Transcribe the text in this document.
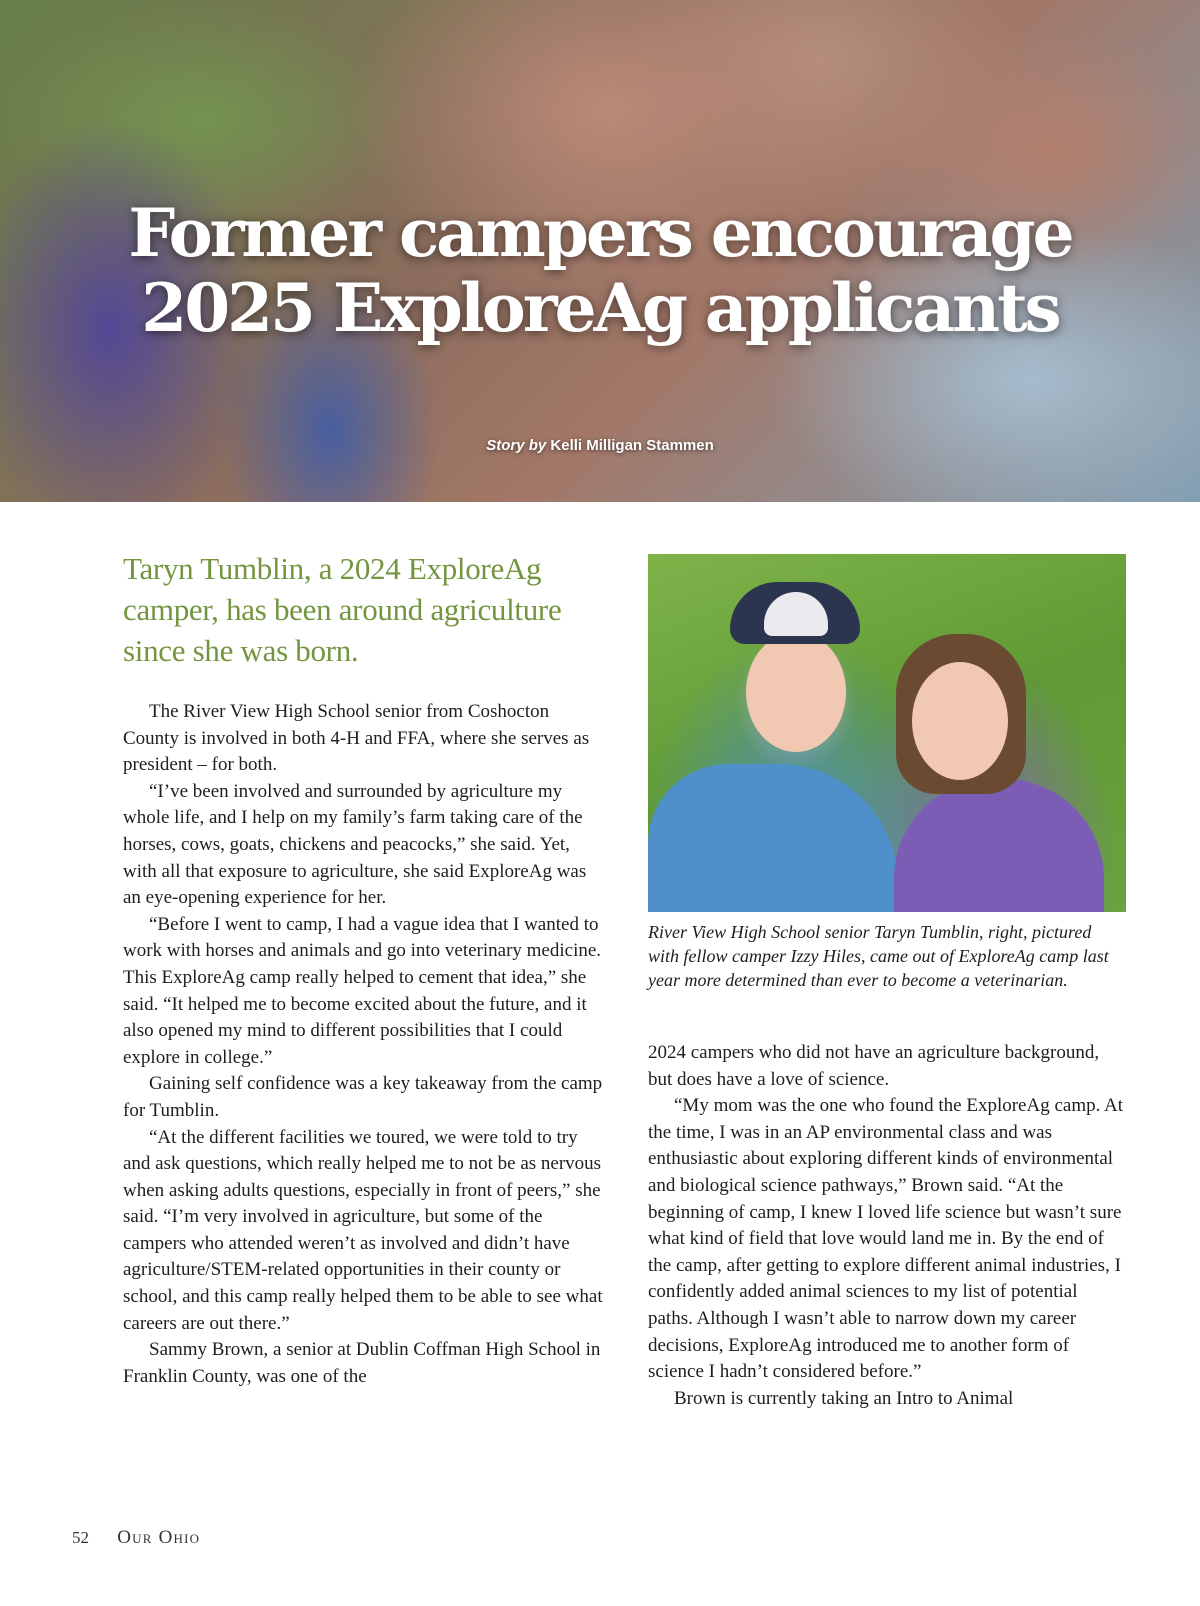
Former campers encourage
2025 ExploreAg applicants
Story by Kelli Milligan Stammen
Taryn Tumblin, a 2024 ExploreAg camper, has been around agriculture since she was born.

The River View High School senior from Coshocton County is involved in both 4-H and FFA, where she serves as president – for both.

“I’ve been involved and surrounded by agriculture my whole life, and I help on my family’s farm taking care of the horses, cows, goats, chickens and peacocks,” she said. Yet, with all that exposure to agriculture, she said ExploreAg was an eye-opening experience for her.

“Before I went to camp, I had a vague idea that I wanted to work with horses and animals and go into veterinary medicine. This ExploreAg camp really helped to cement that idea,” she said. “It helped me to become excited about the future, and it also opened my mind to different possibilities that I could explore in college.”

Gaining self confidence was a key takeaway from the camp for Tumblin.

“At the different facilities we toured, we were told to try and ask questions, which really helped me to not be as nervous when asking adults questions, especially in front of peers,” she said. “I’m very involved in agriculture, but some of the campers who attended weren’t as involved and didn’t have agriculture/STEM-related opportunities in their county or school, and this camp really helped them to be able to see what careers are out there.”

Sammy Brown, a senior at Dublin Coffman High School in Franklin County, was one of the

River View High School senior Taryn Tumblin, right, pictured with fellow camper Izzy Hiles, came out of ExploreAg camp last year more determined than ever to become a veterinarian.

2024 campers who did not have an agriculture background, but does have a love of science.

“My mom was the one who found the ExploreAg camp. At the time, I was in an AP environmental class and was enthusiastic about exploring different kinds of environmental and biological science pathways,” Brown said. “At the beginning of camp, I knew I loved life science but wasn’t sure what kind of field that love would land me in. By the end of the camp, after getting to explore different animal industries, I confidently added animal sciences to my list of potential paths. Although I wasn’t able to narrow down my career decisions, ExploreAg introduced me to another form of science I hadn’t considered before.”

Brown is currently taking an Intro to Animal

52 Our Ohio
